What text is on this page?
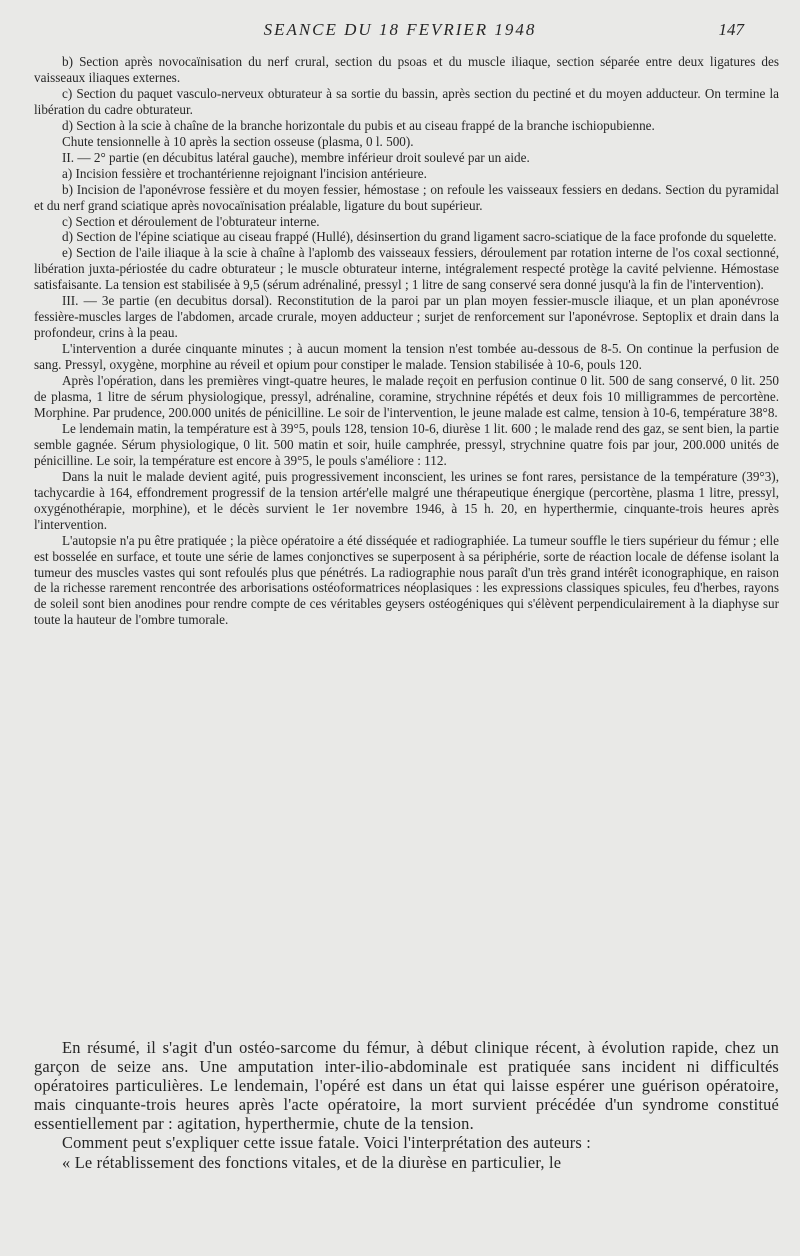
SEANCE DU 18 FEVRIER 1948	147

b) Section après novocaïnisation du nerf crural, section du psoas et du muscle iliaque, section séparée entre deux ligatures des vaisseaux iliaques externes.

c) Section du paquet vasculo-nerveux obturateur à sa sortie du bassin, après section du pectiné et du moyen adducteur. On termine la libération du cadre obturateur.

d) Section à la scie à chaîne de la branche horizontale du pubis et au ciseau frappé de la branche ischiopubienne.

Chute tensionnelle à 10 après la section osseuse (plasma, 0 l. 500).

II. — 2° partie (en décubitus latéral gauche), membre inférieur droit soulevé par un aide.

a) Incision fessière et trochantérienne rejoignant l'incision antérieure.

b) Incision de l'aponévrose fessière et du moyen fessier, hémostase ; on refoule les vaisseaux fessiers en dedans. Section du pyramidal et du nerf grand sciatique après novocaïnisation préalable, ligature du bout supérieur.

c) Section et déroulement de l'obturateur interne.

d) Section de l'épine sciatique au ciseau frappé (Hullé), désinsertion du grand ligament sacro-sciatique de la face profonde du squelette.

e) Section de l'aile iliaque à la scie à chaîne à l'aplomb des vaisseaux fessiers, déroulement par rotation interne de l'os coxal sectionné, libération juxta-périostée du cadre obturateur ; le muscle obturateur interne, intégralement respecté protège la cavité pelvienne. Hémostase satisfaisante. La tension est stabilisée à 9,5 (sérum adrénaliné, pressyl ; 1 litre de sang conservé sera donné jusqu'à la fin de l'intervention).

III. — 3e partie (en decubitus dorsal). Reconstitution de la paroi par un plan moyen fessier-muscle iliaque, et un plan aponévrose fessière-muscles larges de l'abdomen, arcade crurale, moyen adducteur ; surjet de renforcement sur l'aponévrose. Septoplix et drain dans la profondeur, crins à la peau.

L'intervention a durée cinquante minutes ; à aucun moment la tension n'est tombée au-dessous de 8-5. On continue la perfusion de sang. Pressyl, oxygène, morphine au réveil et opium pour constiper le malade. Tension stabilisée à 10-6, pouls 120.

Après l'opération, dans les premières vingt-quatre heures, le malade reçoit en perfusion continue 0 lit. 500 de sang conservé, 0 lit. 250 de plasma, 1 litre de sérum physiologique, pressyl, adrénaline, coramine, strychnine répétés et deux fois 10 milligrammes de percortène. Morphine. Par prudence, 200.000 unités de pénicilline. Le soir de l'intervention, le jeune malade est calme, tension à 10-6, température 38°8.

Le lendemain matin, la température est à 39°5, pouls 128, tension 10-6, diurèse 1 lit. 600 ; le malade rend des gaz, se sent bien, la partie semble gagnée. Sérum physiologique, 0 lit. 500 matin et soir, huile camphrée, pressyl, strychnine quatre fois par jour, 200.000 unités de pénicilline. Le soir, la température est encore à 39°5, le pouls s'améliore : 112.

Dans la nuit le malade devient agité, puis progressivement inconscient, les urines se font rares, persistance de la température (39°3), tachycardie à 164, effondrement progressif de la tension artér'elle malgré une thérapeutique énergique (percortène, plasma 1 litre, pressyl, oxygénothérapie, morphine), et le décès survient le 1er novembre 1946, à 15 h. 20, en hyperthermie, cinquante-trois heures après l'intervention.

L'autopsie n'a pu être pratiquée ; la pièce opératoire a été disséquée et radiographiée. La tumeur souffle le tiers supérieur du fémur ; elle est bosselée en surface, et toute une série de lames conjonctives se superposent à sa périphérie, sorte de réaction locale de défense isolant la tumeur des muscles vastes qui sont refoulés plus que pénétrés. La radiographie nous paraît d'un très grand intérêt iconographique, en raison de la richesse rarement rencontrée des arborisations ostéoformatrices néoplasiques : les expressions classiques spicules, feu d'herbes, rayons de soleil sont bien anodines pour rendre compte de ces véritables geysers ostéogéniques qui s'élèvent perpendiculairement à la diaphyse sur toute la hauteur de l'ombre tumorale.

En résumé, il s'agit d'un ostéo-sarcome du fémur, à début clinique récent, à évolution rapide, chez un garçon de seize ans. Une amputation inter-ilio-abdominale est pratiquée sans incident ni difficultés opératoires particulières. Le lendemain, l'opéré est dans un état qui laisse espérer une guérison opératoire, mais cinquante-trois heures après l'acte opératoire, la mort survient précédée d'un syndrome constitué essentiellement par : agitation, hyperthermie, chute de la tension.

Comment peut s'expliquer cette issue fatale. Voici l'interprétation des auteurs :

« Le rétablissement des fonctions vitales, et de la diurèse en particulier, le
